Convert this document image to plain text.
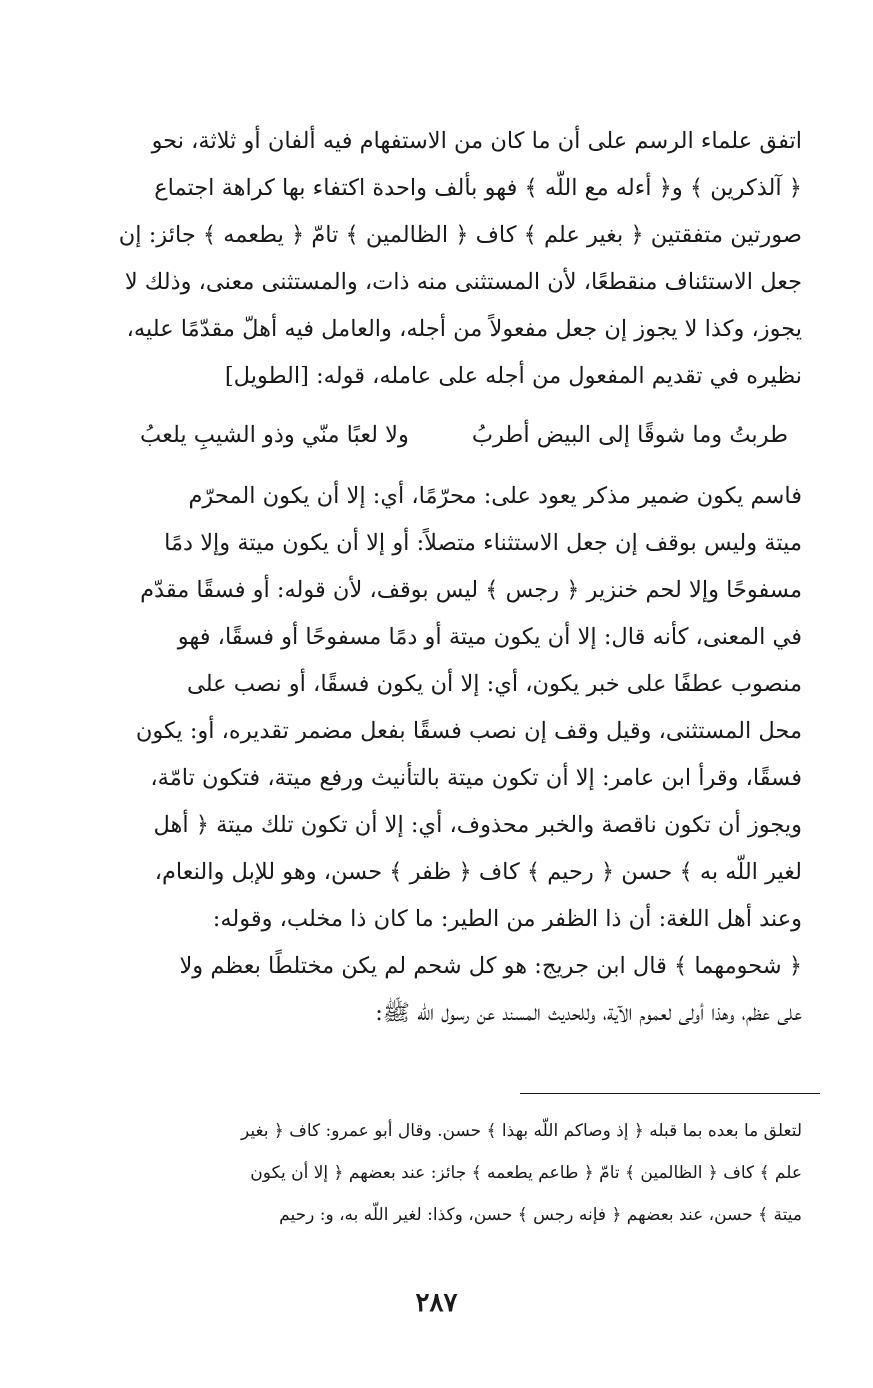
اتفق علماء الرسم على أن ما كان من الاستفهام فيه ألفان أو ثلاثة، نحو
﴿ آلذكرين ﴾ و﴿ أءله مع اللّه ﴾ فهو بألف واحدة اكتفاء بها كراهة اجتماع
صورتين متفقتين ﴿ بغير علم ﴾ كاف ﴿ الظالمين ﴾ تامّ ﴿ يطعمه ﴾ جائز: إن
جعل الاستئناف منقطعًا، لأن المستثنى منه ذات، والمستثنى معنى، وذلك لا
يجوز، وكذا لا يجوز إن جعل مفعولاً من أجله، والعامل فيه أهلّ مقدّمًا عليه،
نظيره في تقديم المفعول من أجله على عامله، قوله: [الطويل]
طربتُ وما شوقًا إلى البيض أطربُ
ولا لعبًا منّي وذو الشيبِ يلعبُ
فاسم يكون ضمير مذكر يعود على: محرّمًا، أي: إلا أن يكون المحرّم
ميتة وليس بوقف إن جعل الاستثناء متصلاً: أو إلا أن يكون ميتة وإلا دمًا
مسفوحًا وإلا لحم خنزير ﴿ رجس ﴾ ليس بوقف، لأن قوله: أو فسقًا مقدّم
في المعنى، كأنه قال: إلا أن يكون ميتة أو دمًا مسفوحًا أو فسقًا، فهو
منصوب عطفًا على خبر يكون، أي: إلا أن يكون فسقًا، أو نصب على
محل المستثنى، وقيل وقف إن نصب فسقًا بفعل مضمر تقديره، أو: يكون
فسقًا، وقرأ ابن عامر: إلا أن تكون ميتة بالتأنيث ورفع ميتة، فتكون تامّة،
ويجوز أن تكون ناقصة والخبر محذوف، أي: إلا أن تكون تلك ميتة ﴿ أهل
لغير اللّه به ﴾ حسن ﴿ رحيم ﴾ كاف ﴿ ظفر ﴾ حسن، وهو للإبل والنعام،
وعند أهل اللغة: أن ذا الظفر من الطير: ما كان ذا مخلب، وقوله:
﴿ شحومهما ﴾ قال ابن جريج: هو كل شحم لم يكن مختلطًا بعظم ولا
على عظم، وهذا أولى لعموم الآية، وللحديث المسند عن رسول اللّه ﷺ:
لتعلق ما بعده بما قبله ﴿ إذ وصاكم اللّه بهذا ﴾ حسن. وقال أبو عمرو: كاف ﴿ بغير
علم ﴾ كاف ﴿ الظالمين ﴾ تامّ ﴿ طاعم يطعمه ﴾ جائز: عند بعضهم ﴿ إلا أن يكون
ميتة ﴾ حسن، عند بعضهم ﴿ فإنه رجس ﴾ حسن، وكذا: لغير اللّه به، و: رحيم
٢٨٧
